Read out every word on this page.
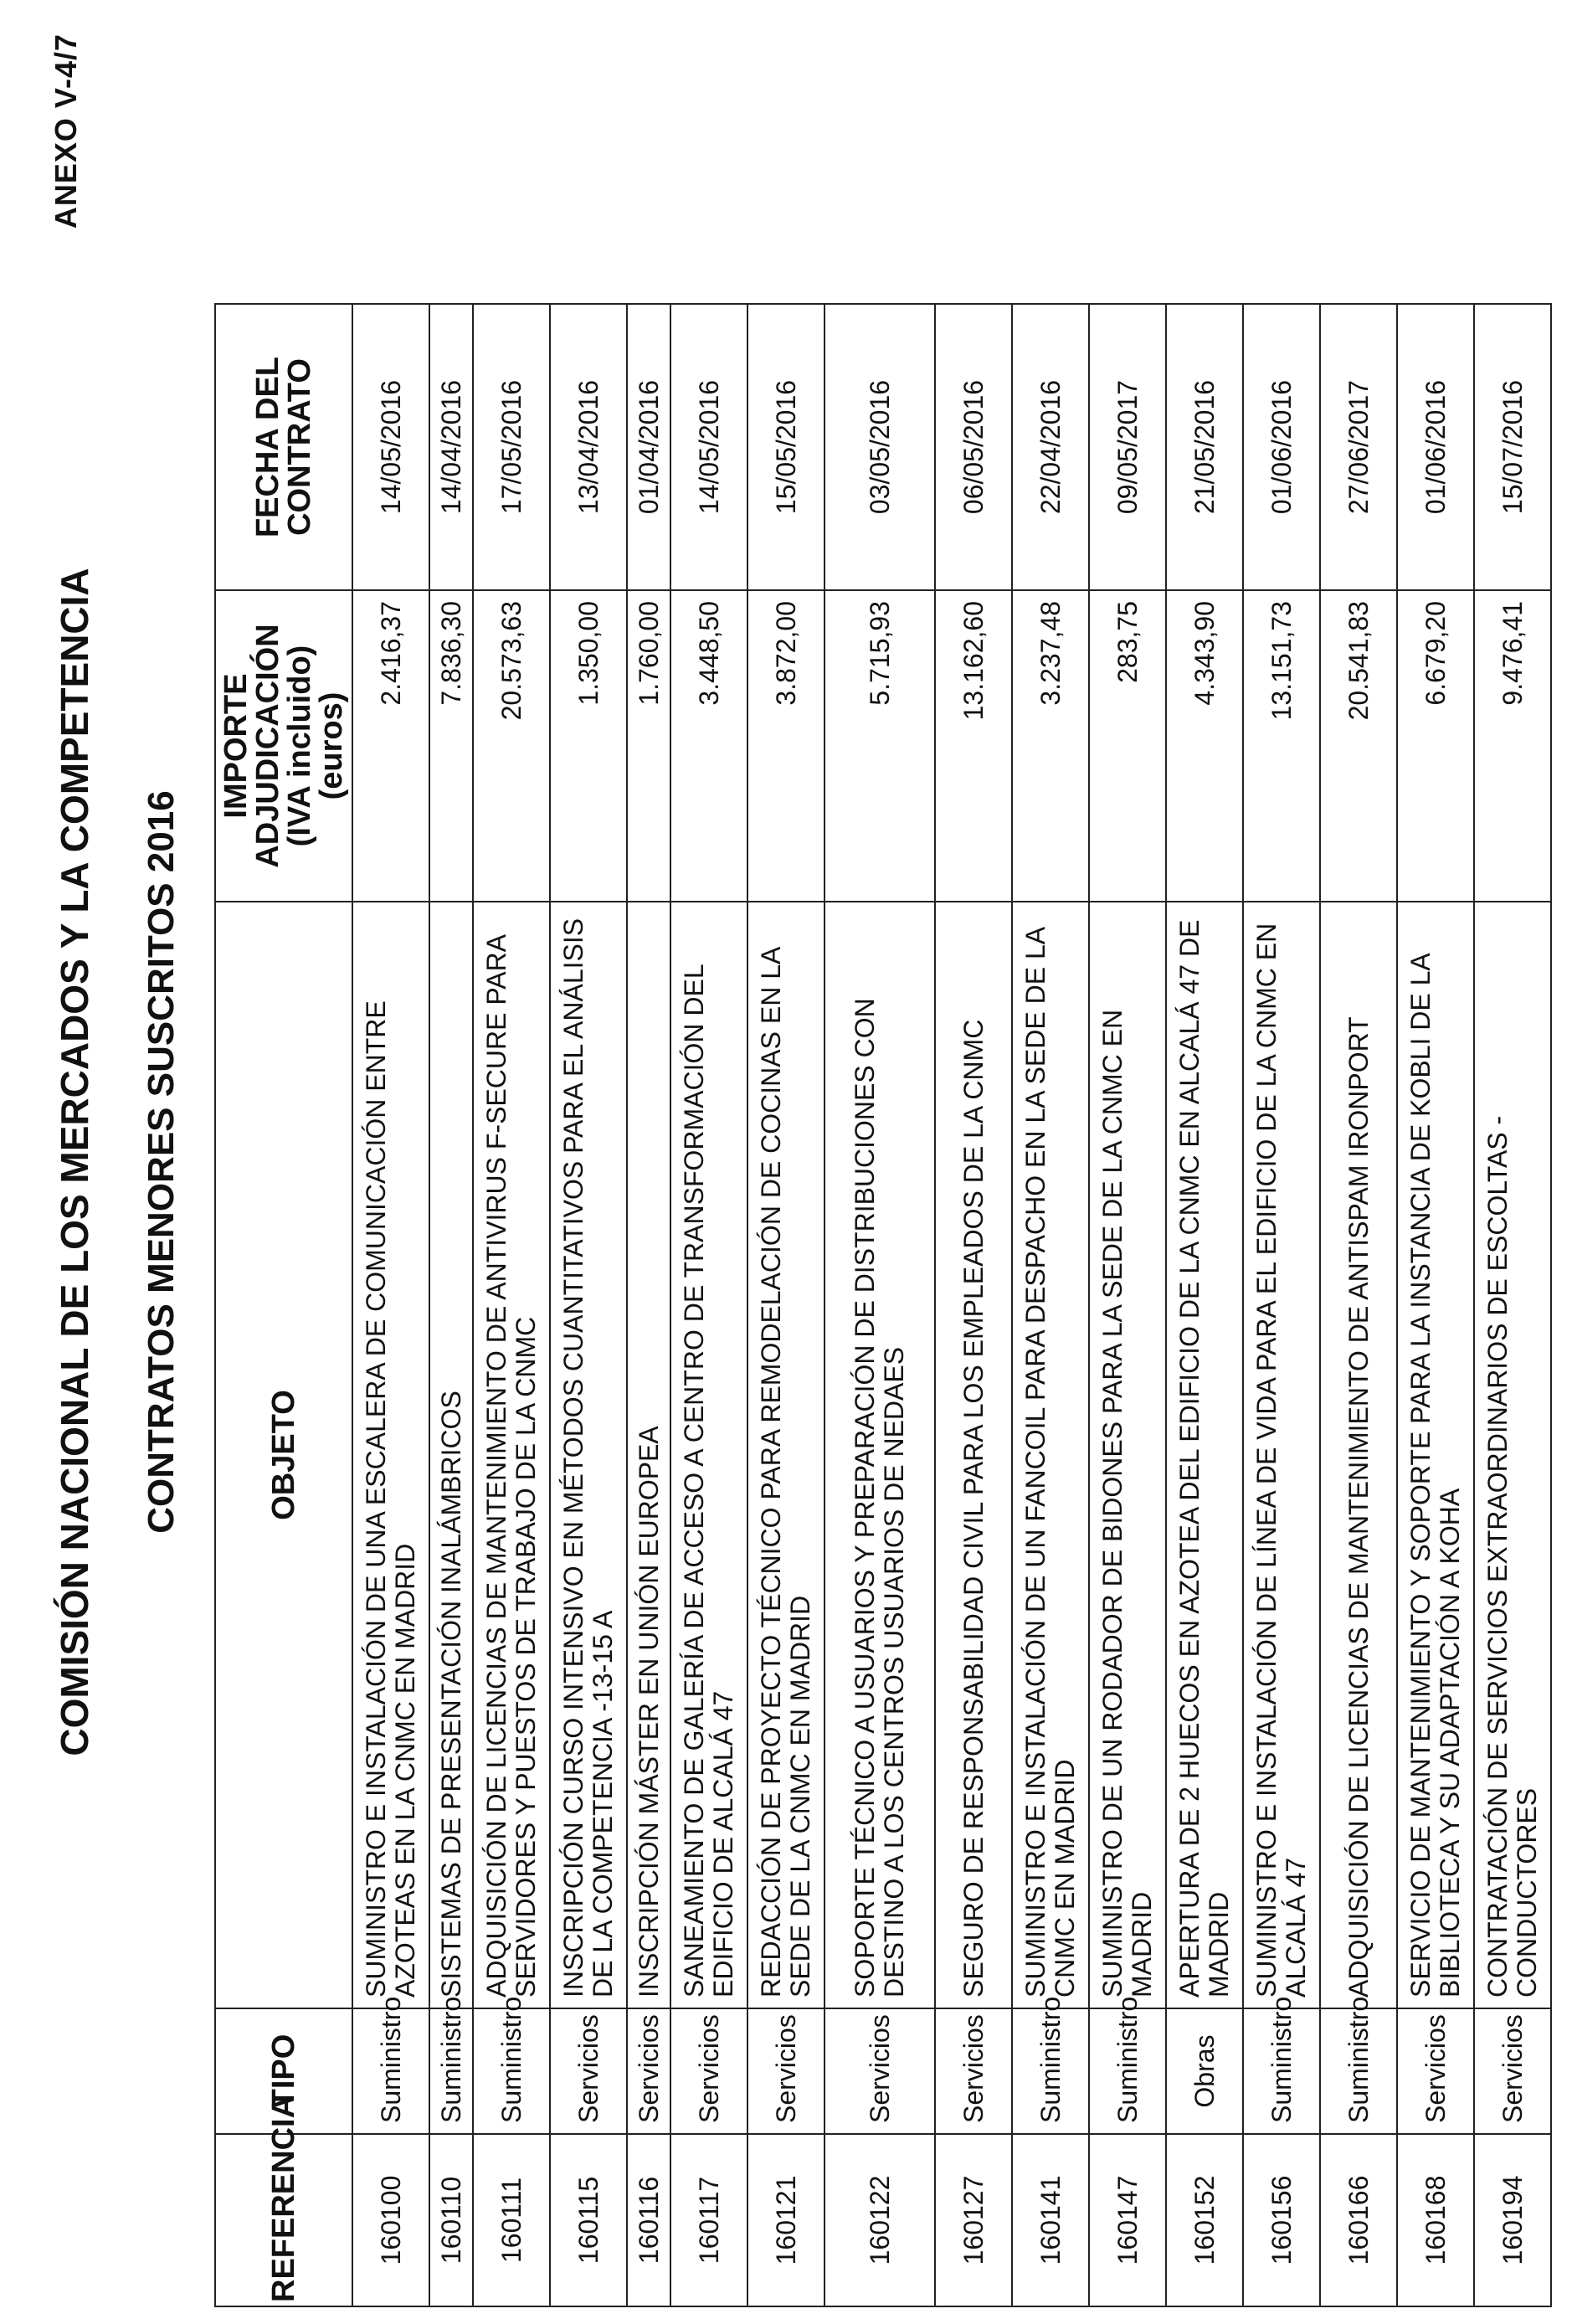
ANEXO V-4/7
COMISIÓN NACIONAL DE LOS MERCADOS Y LA COMPETENCIA CONTRATOS MENORES SUSCRITOS 2016
REFERENCIA	TIPO	OBJETO	IMPORTE ADJUDICACIÓN (IVA incluido) (euros)	FECHA DEL CONTRATO
160100	Suministro	SUMINISTRO E INSTALACIÓN DE UNA ESCALERA DE COMUNICACIÓN ENTRE AZOTEAS EN LA CNMC EN MADRID	2.416,37	14/05/2016
160110	Suministro	SISTEMAS DE PRESENTACIÓN INALÁMBRICOS	7.836,30	14/04/2016
160111	Suministro	ADQUISICIÓN DE LICENCIAS DE MANTENIMIENTO DE ANTIVIRUS F-SECURE PARA SERVIDORES Y PUESTOS DE TRABAJO DE LA CNMC	20.573,63	17/05/2016
160115	Servicios	INSCRIPCIÓN CURSO INTENSIVO EN MÉTODOS CUANTITATIVOS PARA EL ANÁLISIS DE LA COMPETENCIA -13-15 A	1.350,00	13/04/2016
160116	Servicios	INSCRIPCIÓN MÁSTER EN UNIÓN EUROPEA	1.760,00	01/04/2016
160117	Servicios	SANEAMIENTO DE GALERÍA DE ACCESO A CENTRO DE TRANSFORMACIÓN DEL EDIFICIO DE ALCALÁ 47	3.448,50	14/05/2016
160121	Servicios	REDACCIÓN DE PROYECTO TÉCNICO PARA REMODELACIÓN DE COCINAS EN LA SEDE DE LA CNMC EN MADRID	3.872,00	15/05/2016
160122	Servicios	SOPORTE TÉCNICO A USUARIOS Y PREPARACIÓN DE DISTRIBUCIONES CON DESTINO A LOS CENTROS USUARIOS DE NEDAES	5.715,93	03/05/2016
160127	Servicios	SEGURO DE RESPONSABILIDAD CIVIL PARA LOS EMPLEADOS DE LA CNMC	13.162,60	06/05/2016
160141	Suministro	SUMINISTRO E INSTALACIÓN DE UN FANCOIL PARA DESPACHO EN LA SEDE DE LA CNMC EN MADRID	3.237,48	22/04/2016
160147	Suministro	SUMINISTRO DE UN RODADOR DE BIDONES PARA LA SEDE DE LA CNMC EN MADRID	283,75	09/05/2017
160152	Obras	APERTURA DE 2 HUECOS EN AZOTEA DEL EDIFICIO DE LA CNMC EN ALCALÁ 47 DE MADRID	4.343,90	21/05/2016
160156	Suministro	SUMINISTRO E INSTALACIÓN DE LÍNEA DE VIDA PARA EL EDIFICIO DE LA CNMC EN ALCALÁ 47	13.151,73	01/06/2016
160166	Suministro	ADQUISICIÓN DE LICENCIAS DE MANTENIMIENTO DE ANTISPAM IRONPORT	20.541,83	27/06/2017
160168	Servicios	SERVICIO DE MANTENIMIENTO Y SOPORTE PARA LA INSTANCIA DE KOBLI DE LA BIBLIOTECA Y SU ADAPTACIÓN A KOHA	6.679,20	01/06/2016
160194	Servicios	CONTRATACIÓN DE SERVICIOS EXTRAORDINARIOS DE ESCOLTAS - CONDUCTORES	9.476,41	15/07/2016
